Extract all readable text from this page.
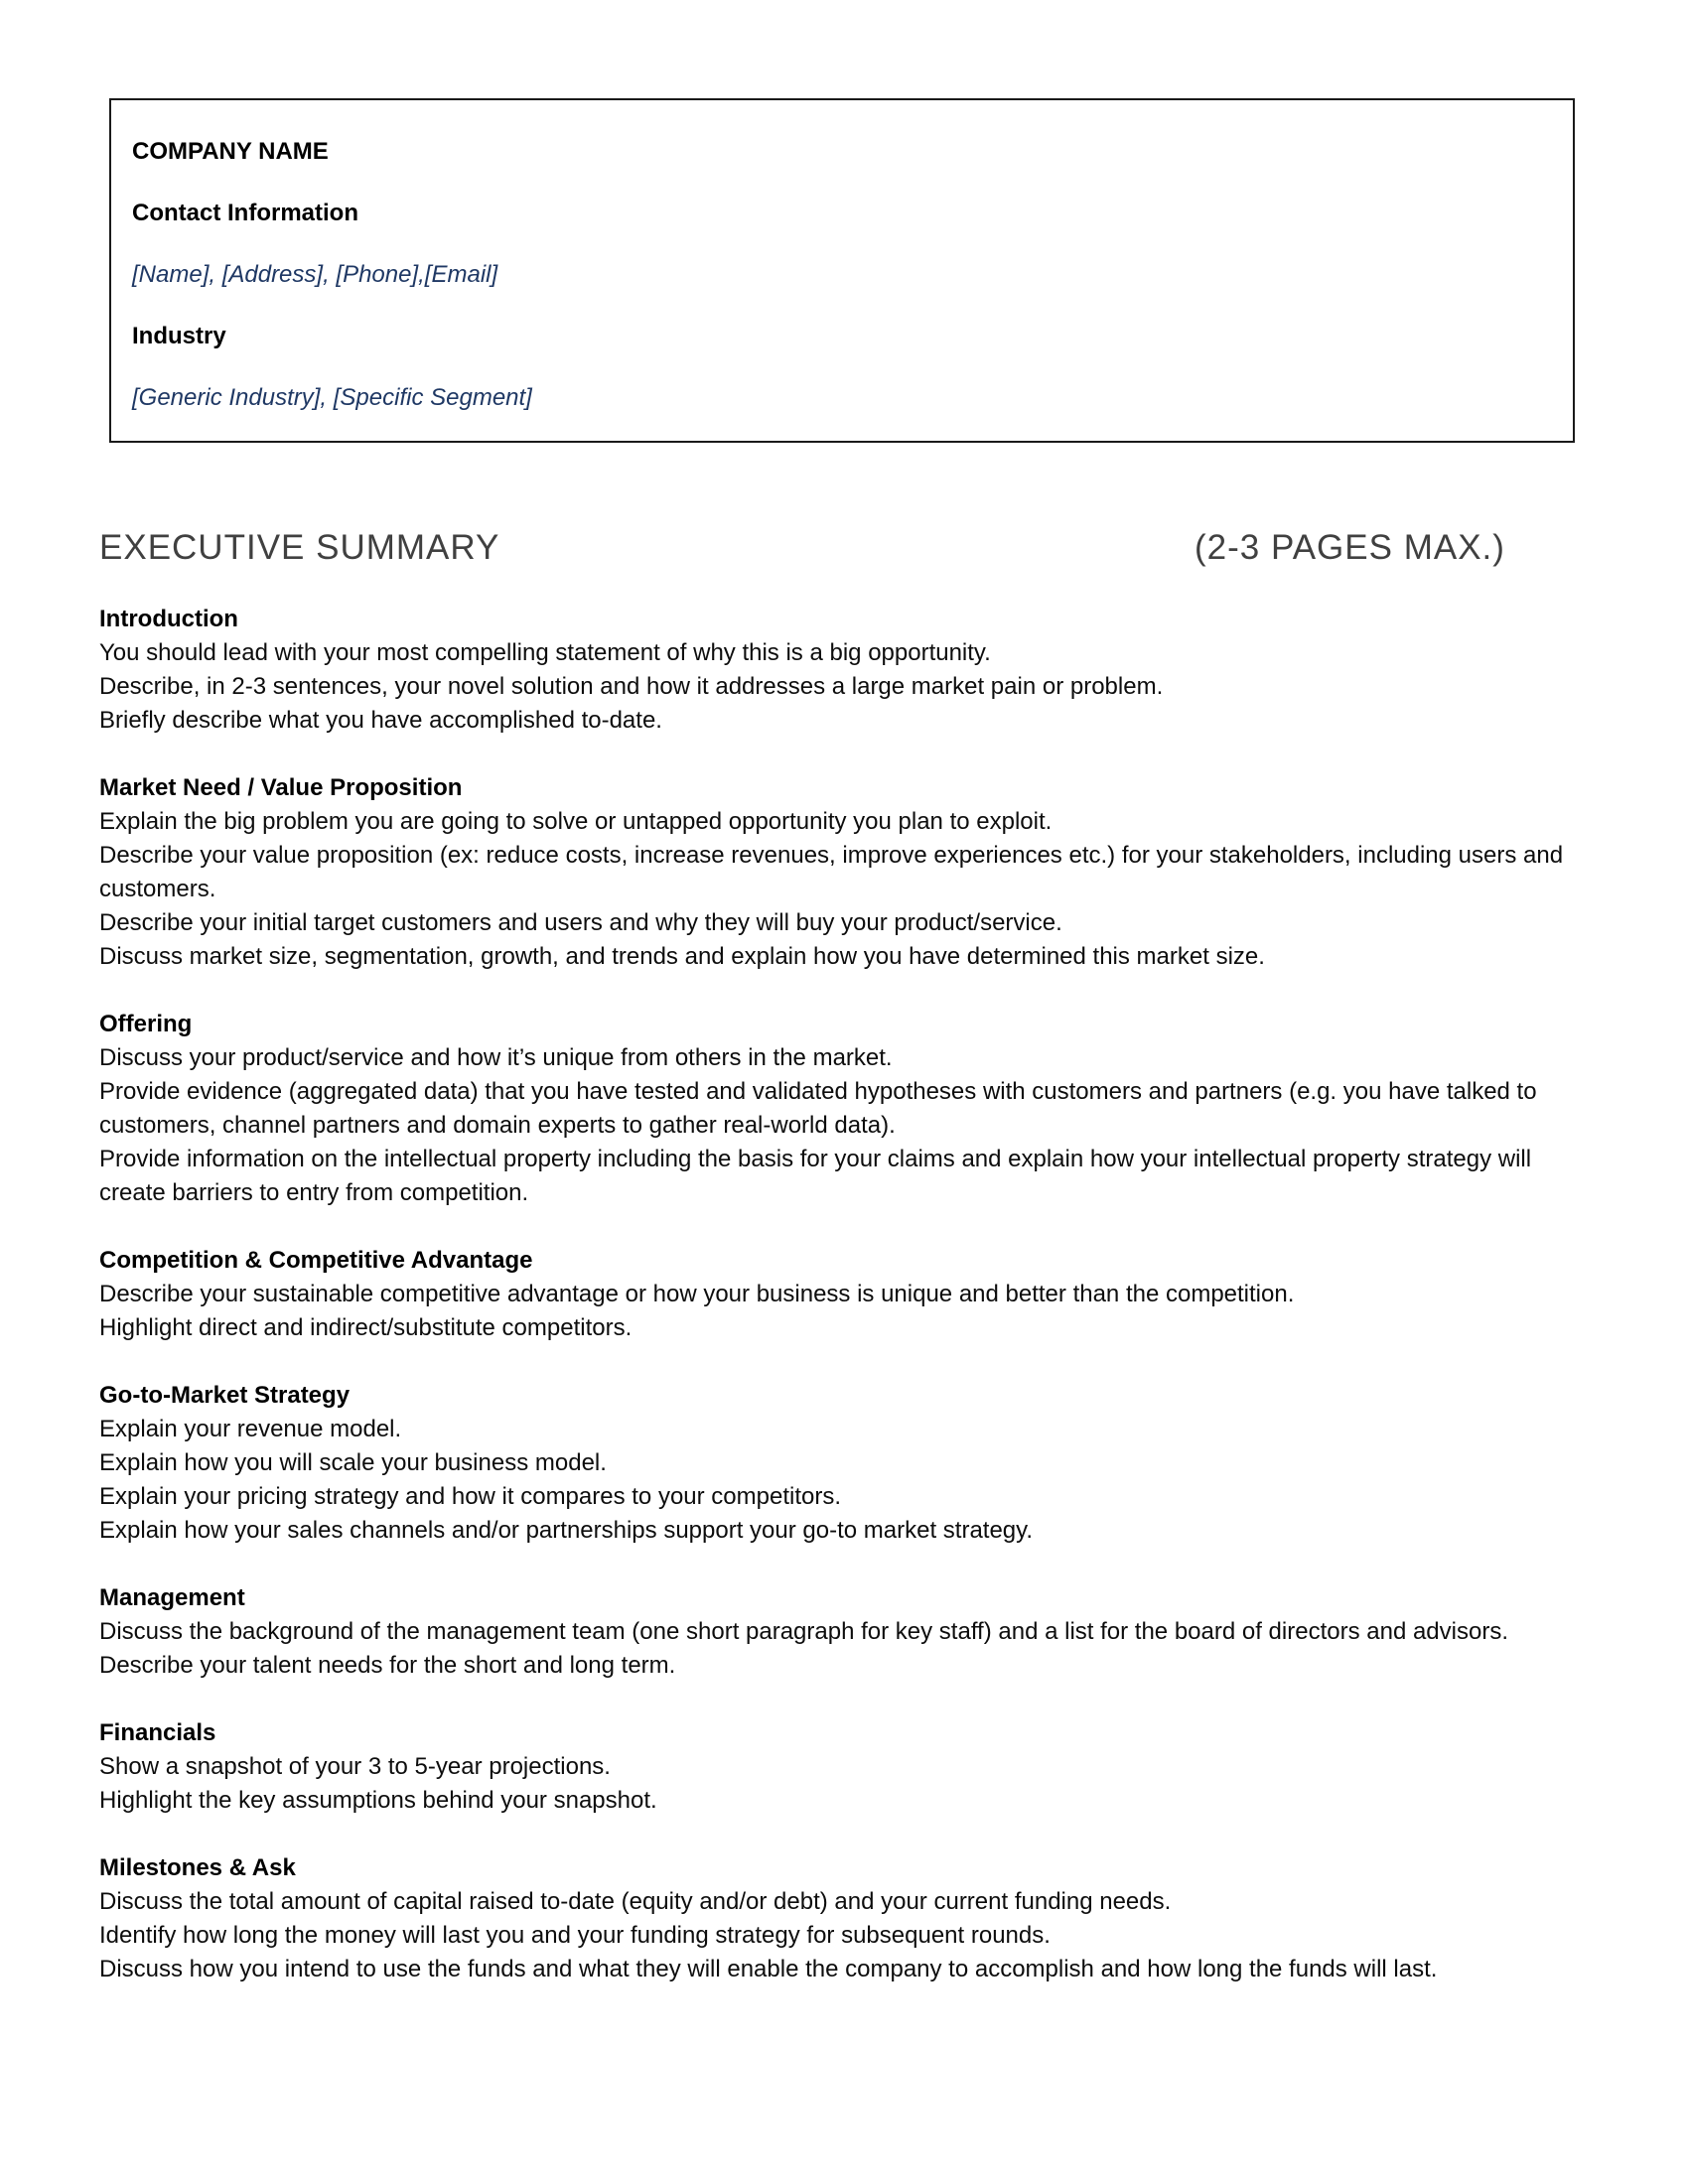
COMPANY NAME
Contact Information
[Name], [Address], [Phone],[Email]
Industry
[Generic Industry], [Specific Segment]
EXECUTIVE SUMMARY	(2-3 PAGES MAX.)
Introduction
You should lead with your most compelling statement of why this is a big opportunity.
Describe, in 2-3 sentences, your novel solution and how it addresses a large market pain or problem.
Briefly describe what you have accomplished to-date.
Market Need / Value Proposition
Explain the big problem you are going to solve or untapped opportunity you plan to exploit.
Describe your value proposition (ex: reduce costs, increase revenues, improve experiences etc.) for your stakeholders, including users and customers.
Describe your initial target customers and users and why they will buy your product/service.
Discuss market size, segmentation, growth, and trends and explain how you have determined this market size.
Offering
Discuss your product/service and how it’s unique from others in the market.
Provide evidence (aggregated data) that you have tested and validated hypotheses with customers and partners (e.g. you have talked to customers, channel partners and domain experts to gather real-world data).
Provide information on the intellectual property including the basis for your claims and explain how your intellectual property strategy will create barriers to entry from competition.
Competition & Competitive Advantage
Describe your sustainable competitive advantage or how your business is unique and better than the competition.
Highlight direct and indirect/substitute competitors.
Go-to-Market Strategy
Explain your revenue model.
Explain how you will scale your business model.
Explain your pricing strategy and how it compares to your competitors.
Explain how your sales channels and/or partnerships support your go-to market strategy.
Management
Discuss the background of the management team (one short paragraph for key staff) and a list for the board of directors and advisors.
Describe your talent needs for the short and long term.
Financials
Show a snapshot of your 3 to 5-year projections.
Highlight the key assumptions behind your snapshot.
Milestones & Ask
Discuss the total amount of capital raised to-date (equity and/or debt) and your current funding needs.
Identify how long the money will last you and your funding strategy for subsequent rounds.
Discuss how you intend to use the funds and what they will enable the company to accomplish and how long the funds will last.
